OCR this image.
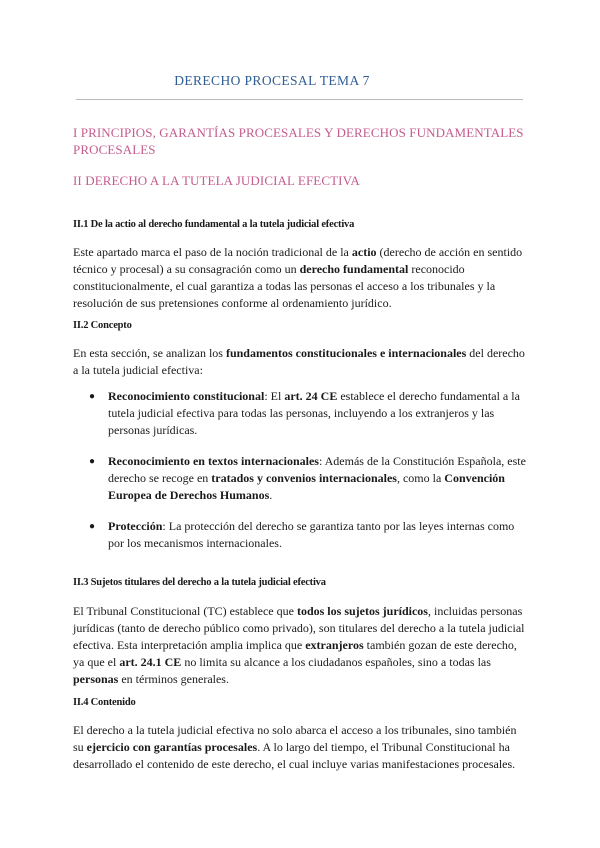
DERECHO PROCESAL TEMA 7
I PRINCIPIOS, GARANTÍAS PROCESALES Y DERECHOS FUNDAMENTALES PROCESALES
II DERECHO A LA TUTELA JUDICIAL EFECTIVA
II.1 De la actio al derecho fundamental a la tutela judicial efectiva
Este apartado marca el paso de la noción tradicional de la actio (derecho de acción en sentido técnico y procesal) a su consagración como un derecho fundamental reconocido constitucionalmente, el cual garantiza a todas las personas el acceso a los tribunales y la resolución de sus pretensiones conforme al ordenamiento jurídico.
II.2 Concepto
En esta sección, se analizan los fundamentos constitucionales e internacionales del derecho a la tutela judicial efectiva:
● Reconocimiento constitucional: El art. 24 CE establece el derecho fundamental a la tutela judicial efectiva para todas las personas, incluyendo a los extranjeros y las personas jurídicas.
● Reconocimiento en textos internacionales: Además de la Constitución Española, este derecho se recoge en tratados y convenios internacionales, como la Convención Europea de Derechos Humanos.
● Protección: La protección del derecho se garantiza tanto por las leyes internas como por los mecanismos internacionales.
II.3 Sujetos titulares del derecho a la tutela judicial efectiva
El Tribunal Constitucional (TC) establece que todos los sujetos jurídicos, incluidas personas jurídicas (tanto de derecho público como privado), son titulares del derecho a la tutela judicial efectiva. Esta interpretación amplia implica que extranjeros también gozan de este derecho, ya que el art. 24.1 CE no limita su alcance a los ciudadanos españoles, sino a todas las personas en términos generales.
II.4 Contenido
El derecho a la tutela judicial efectiva no solo abarca el acceso a los tribunales, sino también su ejercicio con garantías procesales. A lo largo del tiempo, el Tribunal Constitucional ha desarrollado el contenido de este derecho, el cual incluye varias manifestaciones procesales.
